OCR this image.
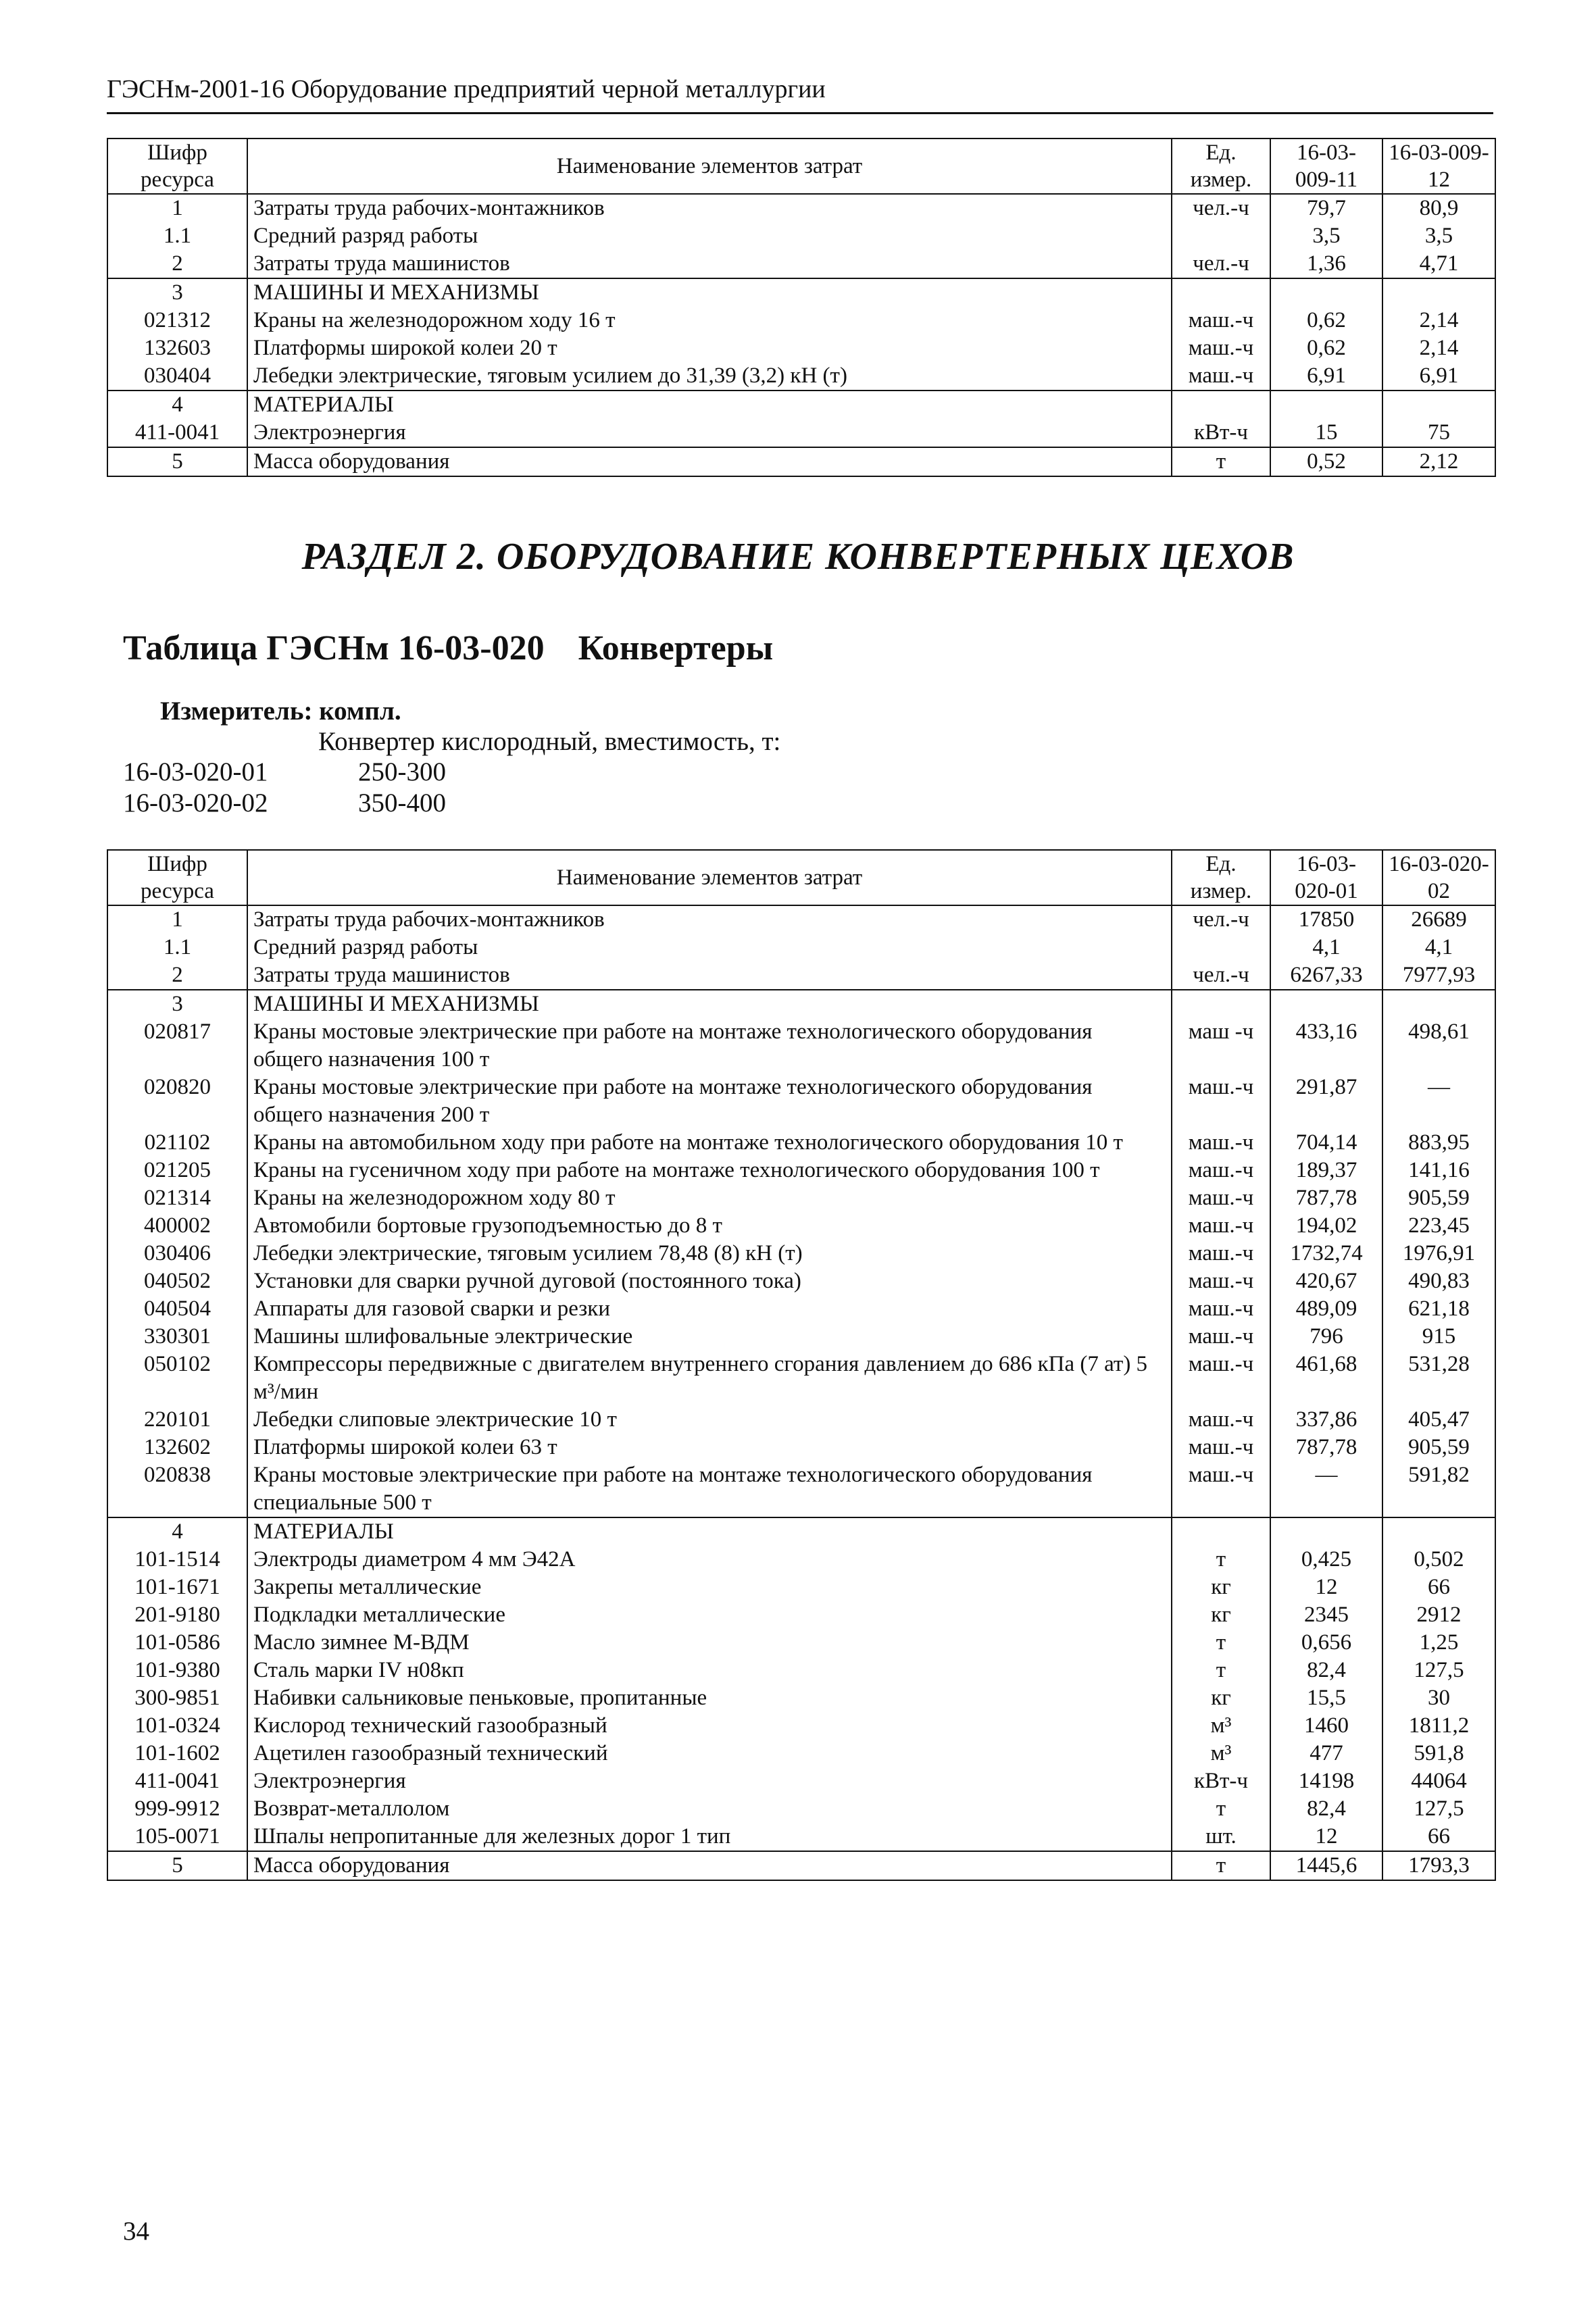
ГЭСНм-2001-16 Оборудование предприятий черной металлургии
Шифр ресурса	Наименование элементов затрат	Ед. измер.	16-03-009-11	16-03-009-12
1	Затраты труда рабочих-монтажников	чел.-ч	79,7	80,9
1.1	Средний разряд работы		3,5	3,5
2	Затраты труда машинистов	чел.-ч	1,36	4,71
3	МАШИНЫ И МЕХАНИЗМЫ			
021312	Краны на железнодорожном ходу 16 т	маш.-ч	0,62	2,14
132603	Платформы широкой колеи 20 т	маш.-ч	0,62	2,14
030404	Лебедки электрические, тяговым усилием до 31,39 (3,2) кН (т)	маш.-ч	6,91	6,91
4	МАТЕРИАЛЫ			
411-0041	Электроэнергия	кВт-ч	15	75
5	Масса оборудования	т	0,52	2,12
РАЗДЕЛ 2. ОБОРУДОВАНИЕ КОНВЕРТЕРНЫХ ЦЕХОВ
Таблица ГЭСНм 16-03-020 Конвертеры
Измеритель: компл.
Конвертер кислородный, вместимость, т:
16-03-020-01	250-300
16-03-020-02	350-400
Шифр ресурса	Наименование элементов затрат	Ед. измер.	16-03-020-01	16-03-020-02
1	Затраты труда рабочих-монтажников	чел.-ч	17850	26689
1.1	Средний разряд работы		4,1	4,1
2	Затраты труда машинистов	чел.-ч	6267,33	7977,93
3	МАШИНЫ И МЕХАНИЗМЫ			
020817	Краны мостовые электрические при работе на монтаже технологического оборудования общего назначения 100 т	маш -ч	433,16	498,61
020820	Краны мостовые электрические при работе на монтаже технологического оборудования общего назначения 200 т	маш.-ч	291,87	—
021102	Краны на автомобильном ходу при работе на монтаже технологического оборудования 10 т	маш.-ч	704,14	883,95
021205	Краны на гусеничном ходу при работе на монтаже технологического оборудования 100 т	маш.-ч	189,37	141,16
021314	Краны на железнодорожном ходу 80 т	маш.-ч	787,78	905,59
400002	Автомобили бортовые грузоподъемностью до 8 т	маш.-ч	194,02	223,45
030406	Лебедки электрические, тяговым усилием 78,48 (8) кН (т)	маш.-ч	1732,74	1976,91
040502	Установки для сварки ручной дуговой (постоянного тока)	маш.-ч	420,67	490,83
040504	Аппараты для газовой сварки и резки	маш.-ч	489,09	621,18
330301	Машины шлифовальные электрические	маш.-ч	796	915
050102	Компрессоры передвижные с двигателем внутреннего сгорания давлением до 686 кПа (7 ат) 5 м³/мин	маш.-ч	461,68	531,28
220101	Лебедки слиповые электрические 10 т	маш.-ч	337,86	405,47
132602	Платформы широкой колеи 63 т	маш.-ч	787,78	905,59
020838	Краны мостовые электрические при работе на монтаже технологического оборудования специальные 500 т	маш.-ч	—	591,82
4	МАТЕРИАЛЫ			
101-1514	Электроды диаметром 4 мм Э42А	т	0,425	0,502
101-1671	Закрепы металлические	кг	12	66
201-9180	Подкладки металлические	кг	2345	2912
101-0586	Масло зимнее М-ВДМ	т	0,656	1,25
101-9380	Сталь марки IV н08кп	т	82,4	127,5
300-9851	Набивки сальниковые пеньковые, пропитанные	кг	15,5	30
101-0324	Кислород технический газообразный	м³	1460	1811,2
101-1602	Ацетилен газообразный технический	м³	477	591,8
411-0041	Электроэнергия	кВт-ч	14198	44064
999-9912	Возврат-металлолом	т	82,4	127,5
105-0071	Шпалы непропитанные для железных дорог 1 тип	шт.	12	66
5	Масса оборудования	т	1445,6	1793,3
34
